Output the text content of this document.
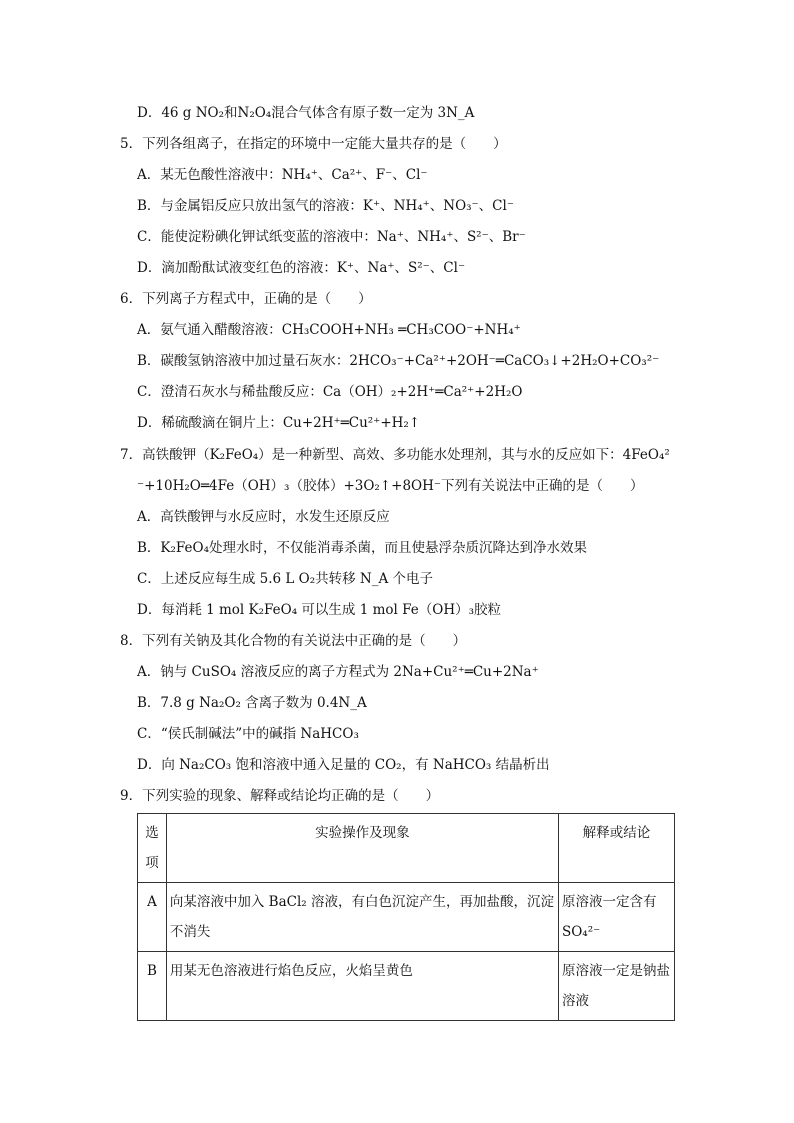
D．46 g NO₂和N₂O₄混合气体含有原子数一定为 3N_A
5．下列各组离子，在指定的环境中一定能大量共存的是（　　）
A．某无色酸性溶液中：NH₄⁺、Ca²⁺、F⁻、Cl⁻
B．与金属铝反应只放出氢气的溶液：K⁺、NH₄⁺、NO₃⁻、Cl⁻
C．能使淀粉碘化钾试纸变蓝的溶液中：Na⁺、NH₄⁺、S²⁻、Br⁻
D．滴加酚酞试液变红色的溶液：K⁺、Na⁺、S²⁻、Cl⁻
6．下列离子方程式中，正确的是（　　）
A．氨气通入醋酸溶液：CH₃COOH+NH₃ ═CH₃COO⁻+NH₄⁺
B．碳酸氢钠溶液中加过量石灰水：2HCO₃⁻+Ca²⁺+2OH⁻═CaCO₃↓+2H₂O+CO₃²⁻
C．澄清石灰水与稀盐酸反应：Ca（OH）₂+2H⁺═Ca²⁺+2H₂O
D．稀硫酸滴在铜片上：Cu+2H⁺═Cu²⁺+H₂↑
7．高铁酸钾（K₂FeO₄）是一种新型、高效、多功能水处理剂，其与水的反应如下：4FeO₄²
⁻+10H₂O═4Fe（OH）₃（胶体）+3O₂↑+8OH⁻下列有关说法中正确的是（　　）
A．高铁酸钾与水反应时，水发生还原反应
B．K₂FeO₄处理水时，不仅能消毒杀菌，而且使悬浮杂质沉降达到净水效果
C．上述反应每生成 5.6 L O₂共转移 N_A 个电子
D．每消耗 1 mol K₂FeO₄ 可以生成 1 mol Fe（OH）₃胶粒
8．下列有关钠及其化合物的有关说法中正确的是（　　）
A．钠与 CuSO₄ 溶液反应的离子方程式为 2Na+Cu²⁺═Cu+2Na⁺
B．7.8 g Na₂O₂ 含离子数为 0.4N_A
C．“侯氏制碱法”中的碱指 NaHCO₃
D．向 Na₂CO₃ 饱和溶液中通入足量的 CO₂，有 NaHCO₃ 结晶析出
9．下列实验的现象、解释或结论均正确的是（　　）
选项	实验操作及现象	解释或结论
A	向某溶液中加入 BaCl₂ 溶液，有白色沉淀产生，再加盐酸，沉淀不消失	原溶液一定含有 SO₄²⁻
B	用某无色溶液进行焰色反应，火焰呈黄色	原溶液一定是钠盐溶液
